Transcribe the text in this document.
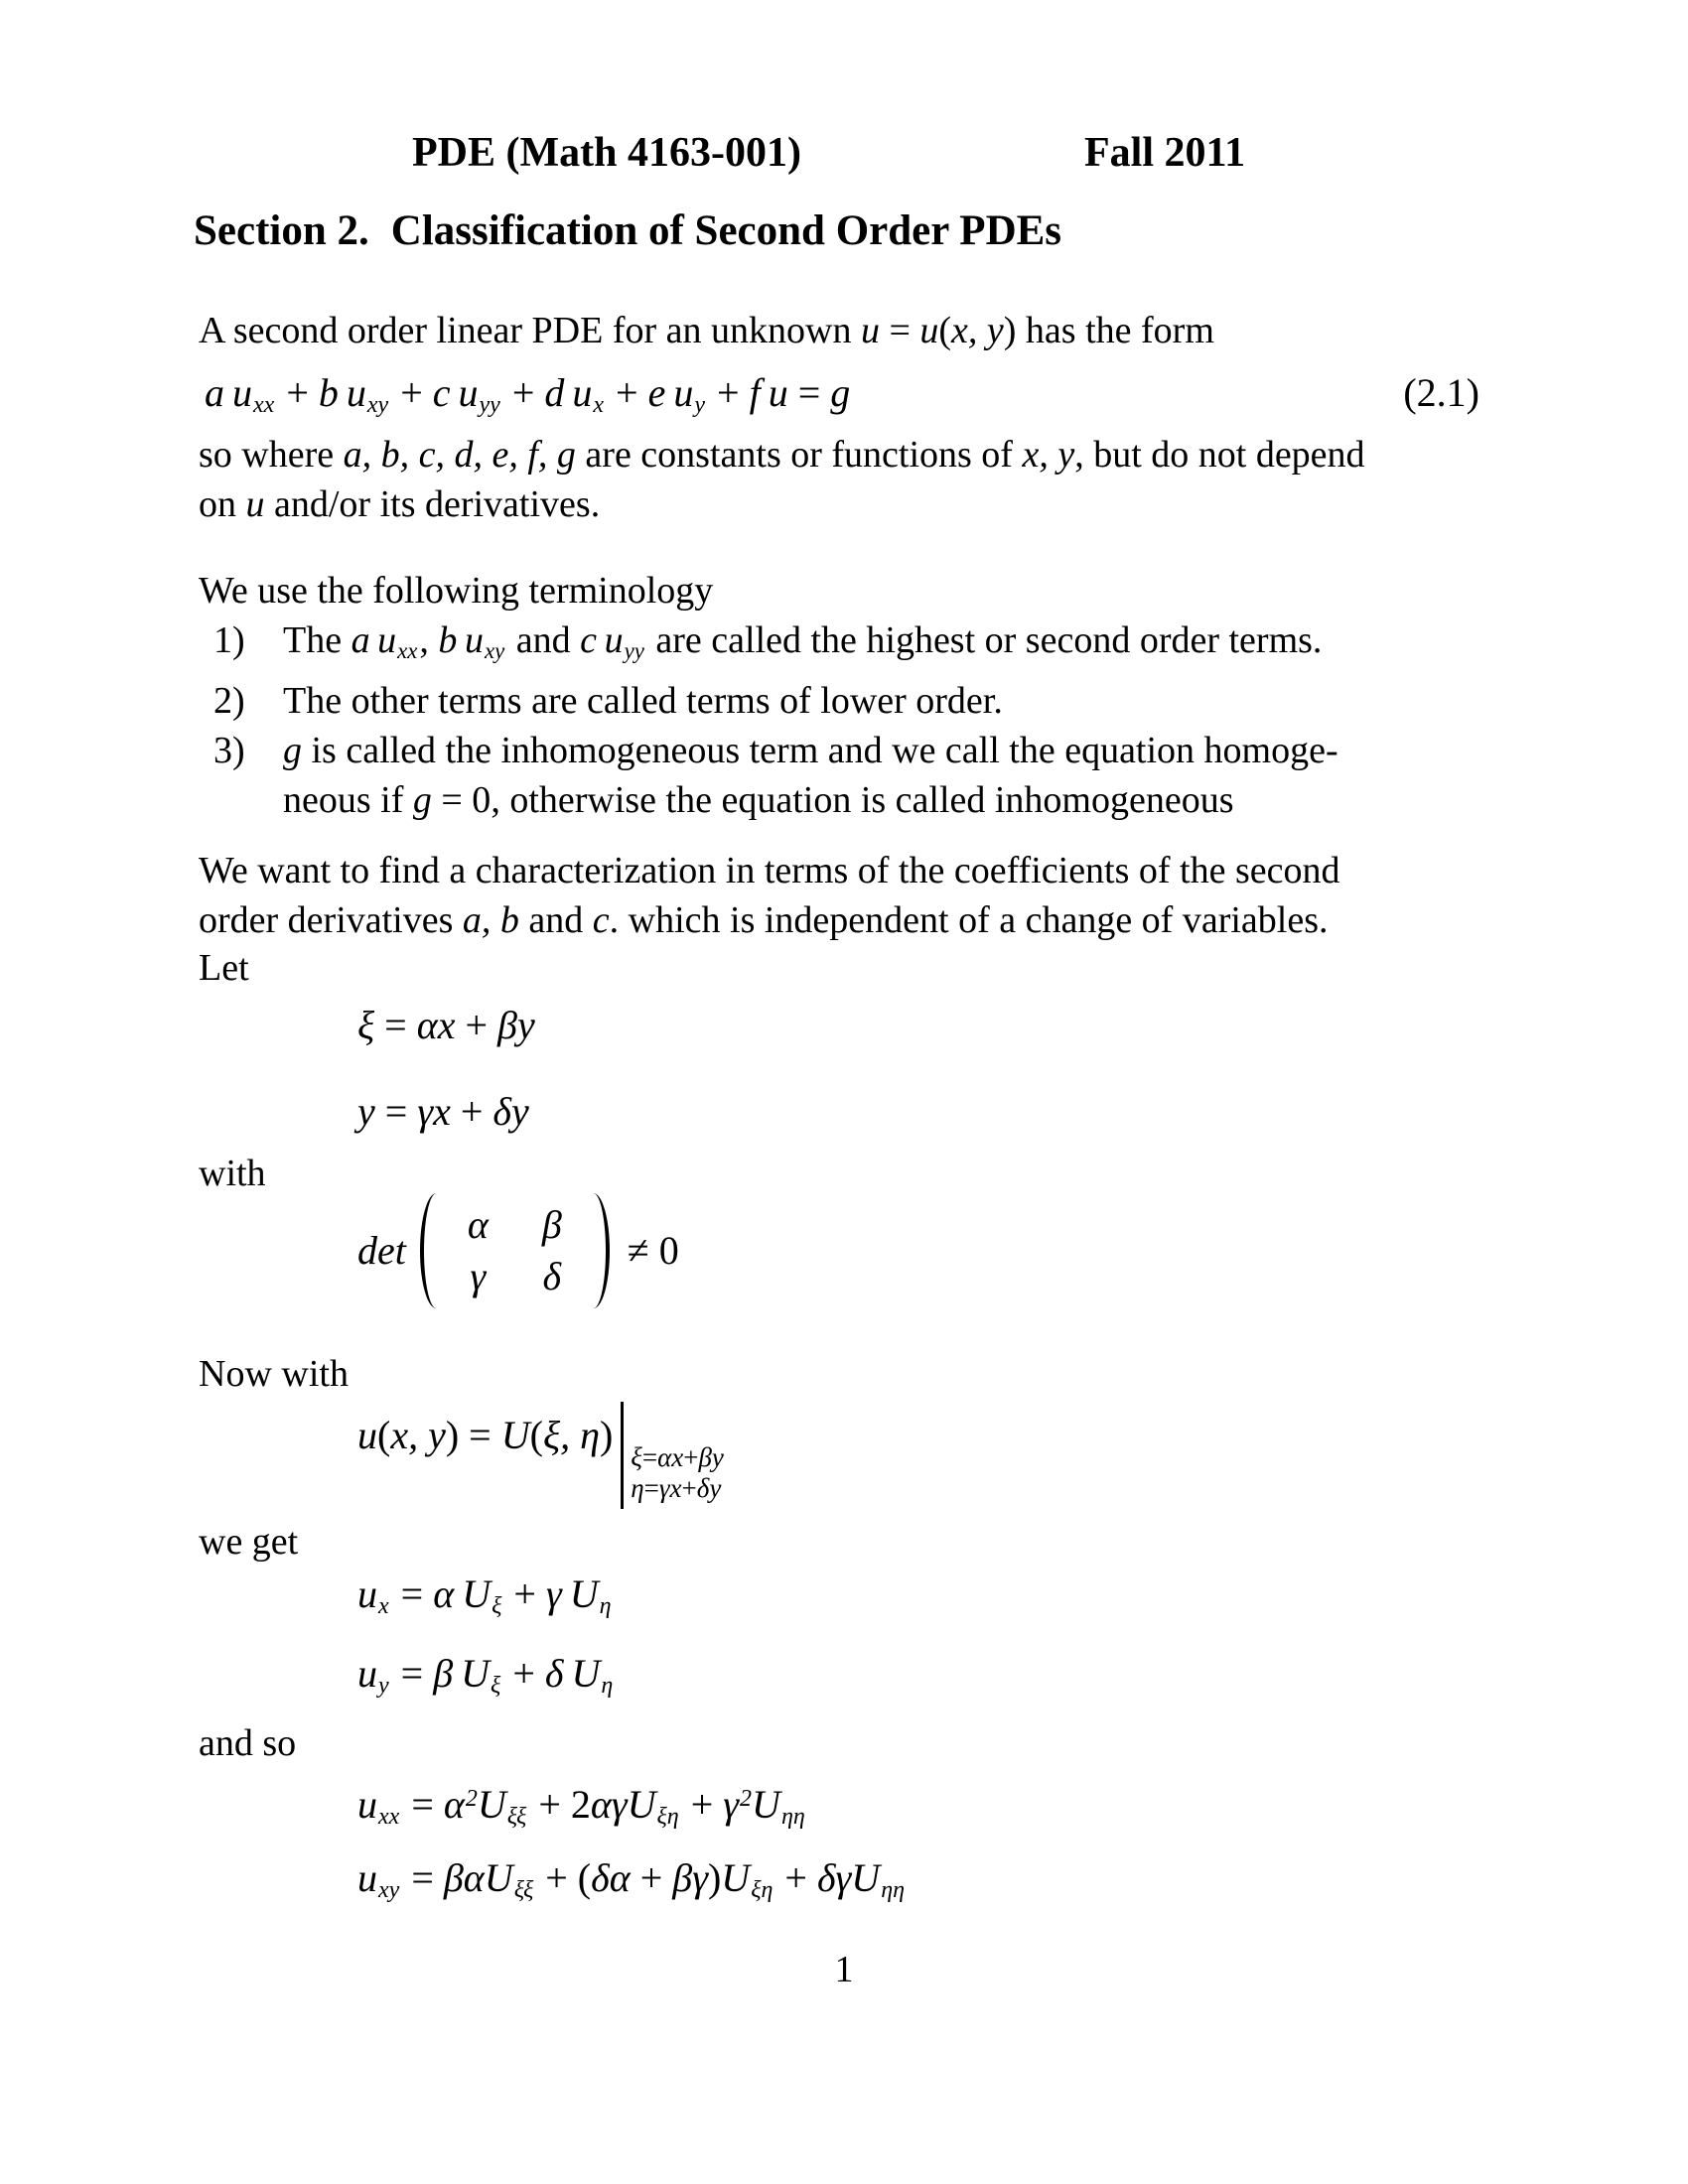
PDE (Math 4163-001)	Fall 2011
Section 2. Classification of Second Order PDEs
A second order linear PDE for an unknown u = u(x, y) has the form
a uxx + b uxy + c uyy + d ux + e uy + f u = g	(2.1)
so where a, b, c, d, e, f, g are constants or functions of x, y, but do not depend
on u and/or its derivatives.
We use the following terminology
1) The a uxx, b uxy and c uyy are called the highest or second order terms.
2) The other terms are called terms of lower order.
3) g is called the inhomogeneous term and we call the equation homoge-
neous if g = 0, otherwise the equation is called inhomogeneous
We want to find a characterization in terms of the coefficients of the second
order derivatives a, b and c. which is independent of a change of variables.
Let
ξ = αx + βy
y = γx + δy
with
det
α β
γ δ
≠ 0
Now with
u(x, y) = U(ξ, η) ξ=αx+βy
η=γx+δy
we get
ux = α Uξ + γ Uη
uy = β Uξ + δ Uη
and so
uxx = $\alpha^2U\xi\xi + 2\alpha\gamma U\xi\eta + \gamma^2U\eta\eta$
uxy = βαUξξ + (δα + βγ)Uξη + δγUηη
1
